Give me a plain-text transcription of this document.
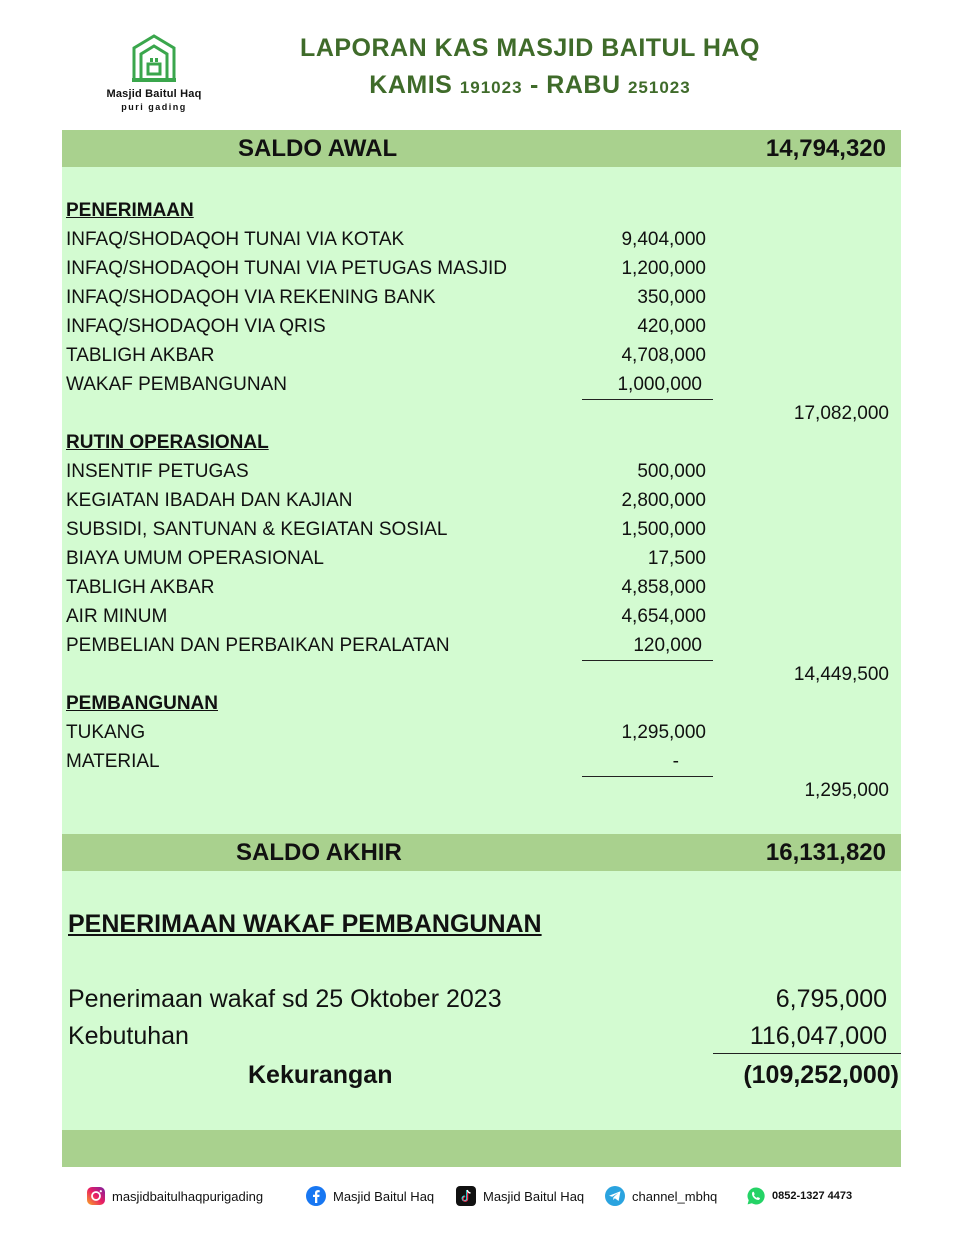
Masjid Baitul Haq
puri gading
LAPORAN KAS MASJID BAITUL HAQ
KAMIS 191023 - RABU 251023
SALDO AWAL	14,794,320
PENERIMAAN
INFAQ/SHODAQOH TUNAI VIA KOTAK	9,404,000
INFAQ/SHODAQOH TUNAI VIA PETUGAS MASJID	1,200,000
INFAQ/SHODAQOH VIA REKENING BANK	350,000
INFAQ/SHODAQOH VIA QRIS	420,000
TABLIGH AKBAR	4,708,000
WAKAF PEMBANGUNAN	1,000,000
17,082,000
RUTIN OPERASIONAL
INSENTIF PETUGAS	500,000
KEGIATAN IBADAH DAN KAJIAN	2,800,000
SUBSIDI, SANTUNAN & KEGIATAN SOSIAL	1,500,000
BIAYA UMUM OPERASIONAL	17,500
TABLIGH AKBAR	4,858,000
AIR MINUM	4,654,000
PEMBELIAN DAN PERBAIKAN PERALATAN	120,000
14,449,500
PEMBANGUNAN
TUKANG	1,295,000
MATERIAL	-
1,295,000
SALDO AKHIR	16,131,820
PENERIMAAN WAKAF PEMBANGUNAN
Penerimaan wakaf sd 25 Oktober 2023	6,795,000
Kebutuhan	116,047,000
Kekurangan	(109,252,000)
masjidbaitulhaqpurigading	Masjid Baitul Haq	Masjid Baitul Haq	channel_mbhq	0852-1327 4473
